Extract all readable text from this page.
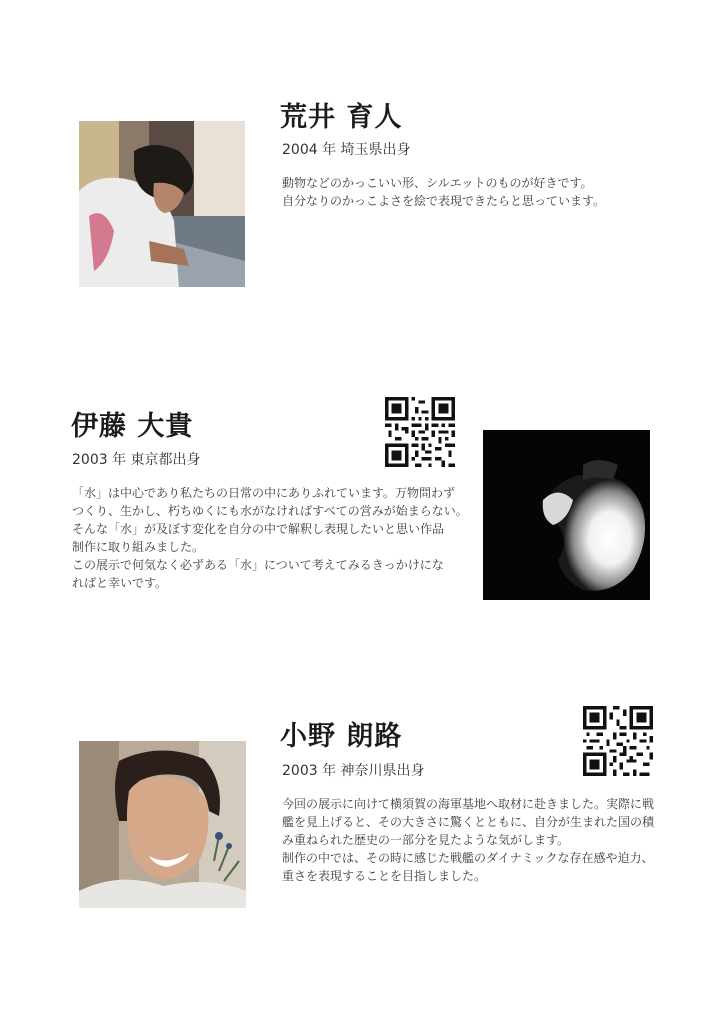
荒井 育人
2004 年 埼玉県出身
動物などのかっこいい形、シルエットのものが好きです。
自分なりのかっこよさを絵で表現できたらと思っています。
伊藤 大貴
2003 年 東京都出身
「水」は中心であり私たちの日常の中にありふれています。万物問わず
つくり、生かし、朽ちゆくにも水がなければすべての営みが始まらない。
そんな「水」が及ぼす変化を自分の中で解釈し表現したいと思い作品
制作に取り組みました。
この展示で何気なく必ずある「水」について考えてみるきっかけにな
ればと幸いです。
小野 朗路
2003 年 神奈川県出身
今回の展示に向けて横須賀の海軍基地へ取材に赴きました。実際に戦
艦を見上げると、その大きさに驚くとともに、自分が生まれた国の積
み重ねられた歴史の一部分を見たような気がします。
制作の中では、その時に感じた戦艦のダイナミックな存在感や迫力、
重さを表現することを目指しました。
